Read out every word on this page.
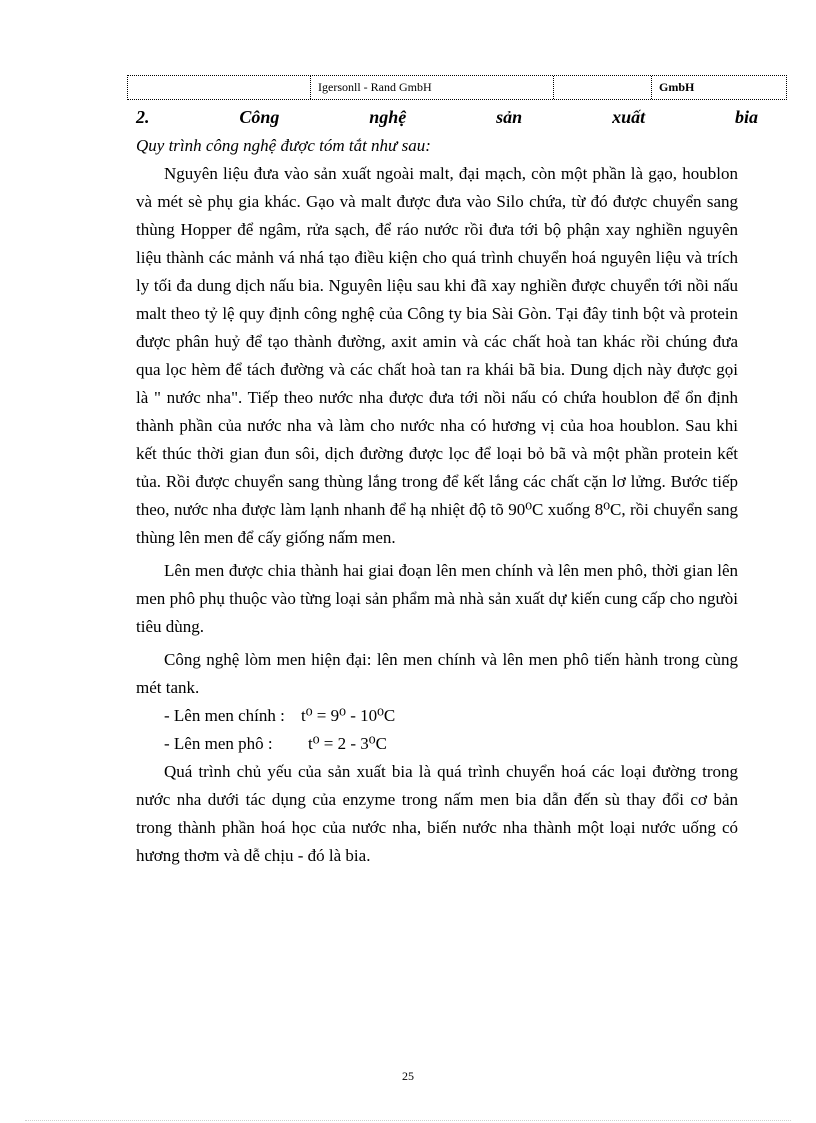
Igersonll - Rand GmbH	GmbH
2.	Công	nghệ	sản	xuất	bia
Quy trình công nghệ được tóm tắt như sau:

Nguyên liệu đưa vào sản xuất ngoài malt, đại mạch, còn một phần là gạo, houblon và mét sè phụ gia khác. Gạo và malt được đưa vào Silo chứa, từ đó được chuyển sang thùng Hopper để ngâm, rửa sạch, để ráo nước rồi đưa tới bộ phận xay nghiền nguyên liệu thành các mảnh vá nhá tạo điều kiện cho quá trình chuyển hoá nguyên liệu và trích ly tối đa dung dịch nấu bia. Nguyên liệu sau khi đã xay nghiền được chuyển tới nồi nấu malt theo tỷ lệ quy định công nghệ của Công ty bia Sài Gòn. Tại đây tinh bột và protein được phân huỷ để tạo thành đường, axit amin và các chất hoà tan khác rồi chúng đưa qua lọc hèm để tách đường và các chất hoà tan ra khái bã bia. Dung dịch này được gọi là " nước nha". Tiếp theo nước nha được đưa tới nồi nấu có chứa houblon để ổn định thành phần của nước nha và làm cho nước nha có hương vị của hoa houblon. Sau khi kết thúc thời gian đun sôi, dịch đường được lọc để loại bỏ bã và một phần protein kết tủa. Rồi được chuyển sang thùng lắng trong để kết lắng các chất cặn lơ lửng. Bước tiếp theo, nước nha được làm lạnh nhanh để hạ nhiệt độ tõ 90⁰C xuống 8⁰C, rồi chuyển sang thùng lên men để cấy giống nấm men.

Lên men được chia thành hai giai đoạn lên men chính và lên men phô, thời gian lên men phô phụ thuộc vào từng loại sản phẩm mà nhà sản xuất dự kiến cung cấp cho ngưòi tiêu dùng.

Công nghệ lòm men hiện đại: lên men chính và lên men phô tiến hành trong cùng mét tank.

- Lên men chính : t⁰ = 9⁰ - 10⁰C
- Lên men phô :	t⁰ = 2 - 3⁰C

Quá trình chủ yếu của sản xuất bia là quá trình chuyển hoá các loại đường trong nước nha dưới tác dụng của enzyme trong nấm men bia dẫn đến sù thay đổi cơ bản trong thành phần hoá học của nước nha, biến nước nha thành một loại nước uống có hương thơm và dễ chịu - đó là bia.

25
